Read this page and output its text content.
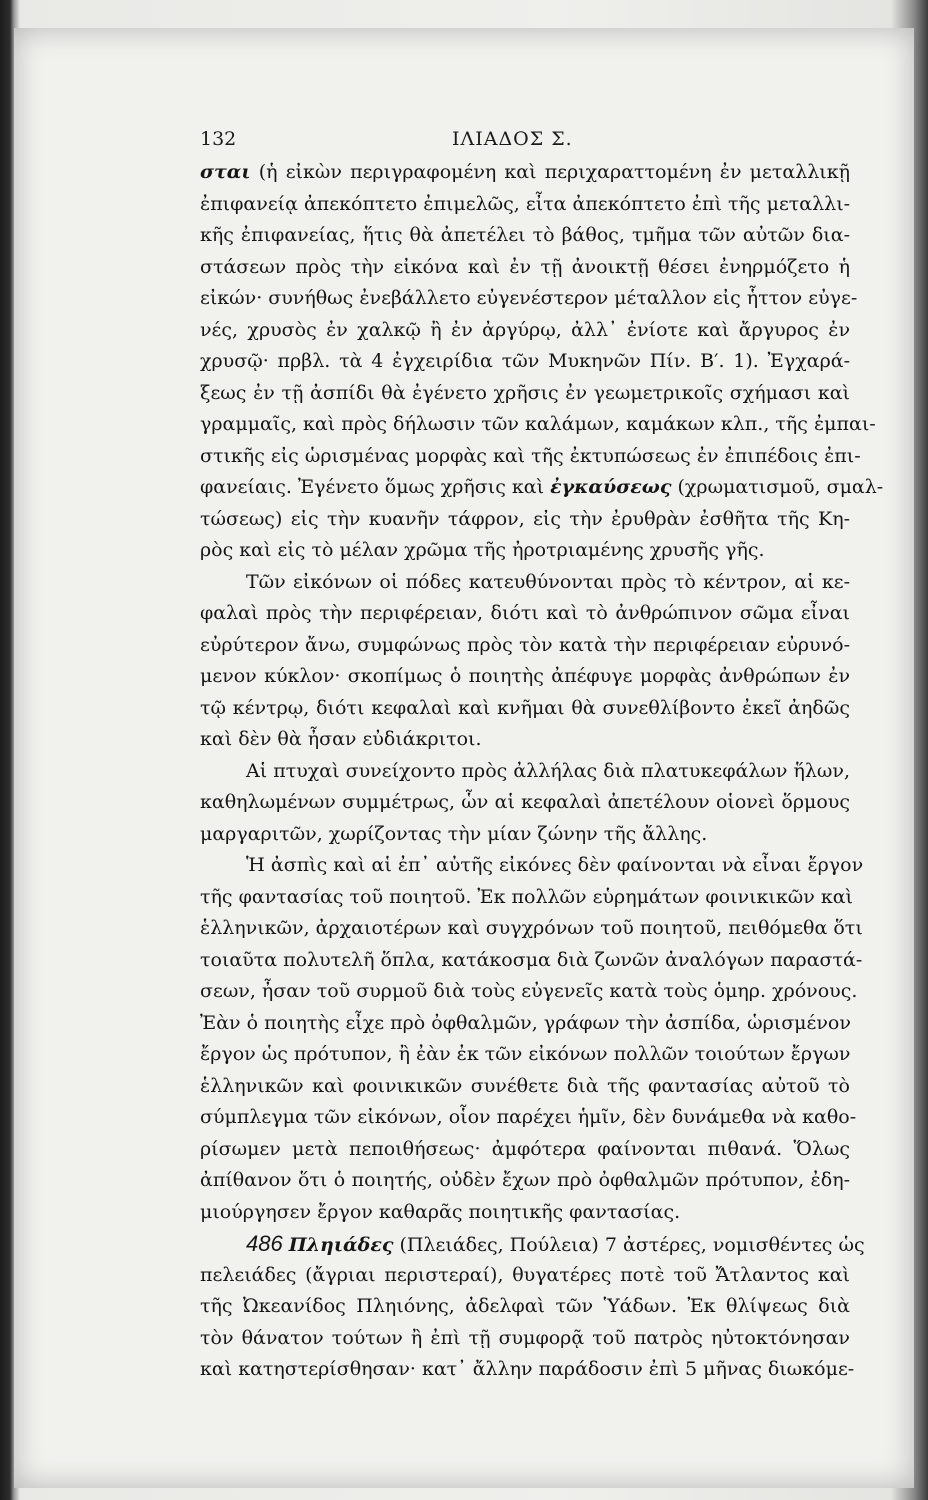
132	ΙΛΙΑΔΟΣ Σ.
σται (ἡ εἰκὼν περιγραφομένη καὶ περιχαραττομένη ἐν μεταλλικῇ
ἐπιφανείᾳ ἀπεκόπτετο ἐπιμελῶς, εἶτα ἀπεκόπτετο ἐπὶ τῆς μεταλλι-
κῆς ἐπιφανείας, ἥτις θὰ ἀπετέλει τὸ βάθος, τμῆμα τῶν αὐτῶν δια-
στάσεων πρὸς τὴν εἰκόνα καὶ ἐν τῇ ἀνοικτῇ θέσει ἐνηρμόζετο ἡ
εἰκών· συνήθως ἐνεβάλλετο εὐγενέστερον μέταλλον εἰς ἧττον εὐγε-
νές, χρυσὸς ἐν χαλκῷ ἢ ἐν ἀργύρῳ, ἀλλ᾽ ἐνίοτε καὶ ἄργυρος ἐν
χρυσῷ· πρβλ. τὰ 4 ἐγχειρίδια τῶν Μυκηνῶν Πίν. Β′. 1). Ἐγχαρά-
ξεως ἐν τῇ ἀσπίδι θὰ ἐγένετο χρῆσις ἐν γεωμετρικοῖς σχήμασι καὶ
γραμμαῖς, καὶ πρὸς δήλωσιν τῶν καλάμων, καμάκων κλπ., τῆς ἐμπαι-
στικῆς εἰς ὡρισμένας μορφὰς καὶ τῆς ἐκτυπώσεως ἐν ἐπιπέδοις ἐπι-
φανείαις. Ἐγένετο ὅμως χρῆσις καὶ ἐγκαύσεως (χρωματισμοῦ, σμαλ-
τώσεως) εἰς τὴν κυανῆν τάφρον, εἰς τὴν ἐρυθρὰν ἐσθῆτα τῆς Κη-
ρὸς καὶ εἰς τὸ μέλαν χρῶμα τῆς ἠροτριαμένης χρυσῆς γῆς.
Τῶν εἰκόνων οἱ πόδες κατευθύνονται πρὸς τὸ κέντρον, αἱ κε-
φαλαὶ πρὸς τὴν περιφέρειαν, διότι καὶ τὸ ἀνθρώπινον σῶμα εἶναι
εὐρύτερον ἄνω, συμφώνως πρὸς τὸν κατὰ τὴν περιφέρειαν εὐρυνό-
μενον κύκλον· σκοπίμως ὁ ποιητὴς ἀπέφυγε μορφὰς ἀνθρώπων ἐν
τῷ κέντρῳ, διότι κεφαλαὶ καὶ κνῆμαι θὰ συνεθλίβοντο ἐκεῖ ἀηδῶς
καὶ δὲν θὰ ἦσαν εὐδιάκριτοι.
Αἱ πτυχαὶ συνείχοντο πρὸς ἀλλήλας διὰ πλατυκεφάλων ἥλων,
καθηλωμένων συμμέτρως, ὧν αἱ κεφαλαὶ ἀπετέλουν οἱονεὶ ὅρμους
μαργαριτῶν, χωρίζοντας τὴν μίαν ζώνην τῆς ἄλλης.
Ἡ ἀσπὶς καὶ αἱ ἐπ᾽ αὐτῆς εἰκόνες δὲν φαίνονται νὰ εἶναι ἔργον
τῆς φαντασίας τοῦ ποιητοῦ. Ἐκ πολλῶν εὑρημάτων φοινικικῶν καὶ
ἑλληνικῶν, ἀρχαιοτέρων καὶ συγχρόνων τοῦ ποιητοῦ, πειθόμεθα ὅτι
τοιαῦτα πολυτελῆ ὅπλα, κατάκοσμα διὰ ζωνῶν ἀναλόγων παραστά-
σεων, ἦσαν τοῦ συρμοῦ διὰ τοὺς εὐγενεῖς κατὰ τοὺς ὁμηρ. χρόνους.
Ἐὰν ὁ ποιητὴς εἶχε πρὸ ὀφθαλμῶν, γράφων τὴν ἀσπίδα, ὡρισμένον
ἔργον ὡς πρότυπον, ἢ ἐὰν ἐκ τῶν εἰκόνων πολλῶν τοιούτων ἔργων
ἑλληνικῶν καὶ φοινικικῶν συνέθετε διὰ τῆς φαντασίας αὐτοῦ τὸ
σύμπλεγμα τῶν εἰκόνων, οἷον παρέχει ἡμῖν, δὲν δυνάμεθα νὰ καθο-
ρίσωμεν μετὰ πεποιθήσεως· ἀμφότερα φαίνονται πιθανά. Ὅλως
ἀπίθανον ὅτι ὁ ποιητής, οὐδὲν ἔχων πρὸ ὀφθαλμῶν πρότυπον, ἐδη-
μιούργησεν ἔργον καθαρᾶς ποιητικῆς φαντασίας.
486 Πληιάδες (Πλειάδες, Πούλεια) 7 ἀστέρες, νομισθέντες ὡς
πελειάδες (ἄγριαι περιστεραί), θυγατέρες ποτὲ τοῦ Ἄτλαντος καὶ
τῆς Ὠκεανίδος Πληιόνης, ἀδελφαὶ τῶν Ὑάδων. Ἐκ θλίψεως διὰ
τὸν θάνατον τούτων ἢ ἐπὶ τῇ συμφορᾷ τοῦ πατρὸς ηὐτοκτόνησαν
καὶ κατηστερίσθησαν· κατ᾽ ἄλλην παράδοσιν ἐπὶ 5 μῆνας διωκόμε-
